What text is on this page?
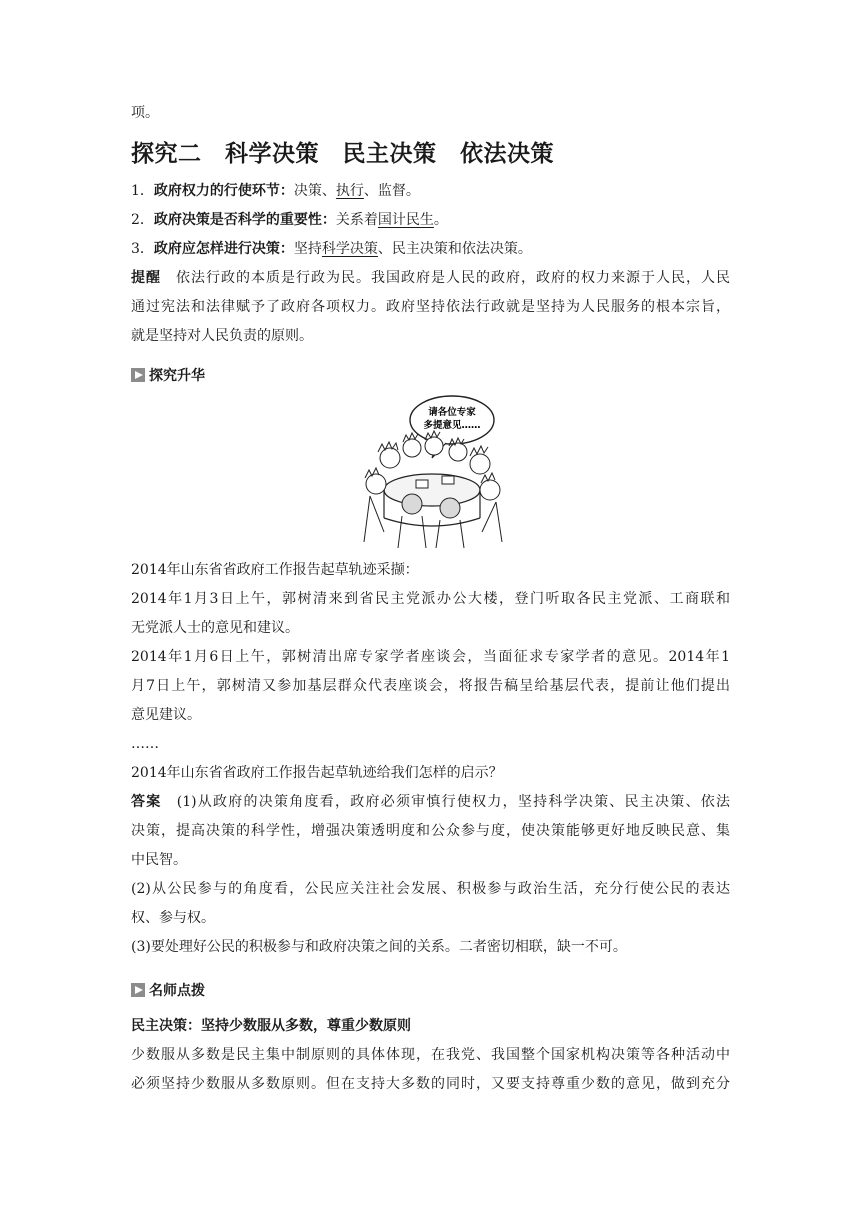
项。
探究二　科学决策　民主决策　依法决策
1．政府权力的行使环节：决策、执行、监督。
2．政府决策是否科学的重要性：关系着国计民生。
3．政府应怎样进行决策：坚持科学决策、民主决策和依法决策。
提醒　 依法行政的本质是行政为民。我国政府是人民的政府，政府的权力来源于人民，人民
通过宪法和法律赋予了政府各项权力。政府坚持依法行政就是坚持为人民服务的根本宗旨，
就是坚持对人民负责的原则。
探究升华
请各位专家
多提意见……
2014年山东省省政府工作报告起草轨迹采撷：
2014年1月3日上午，郭树清来到省民主党派办公大楼，登门听取各民主党派、工商联和
无党派人士的意见和建议。
2014年1月6日上午，郭树清出席专家学者座谈会，当面征求专家学者的意见。2014年1
月7日上午，郭树清又参加基层群众代表座谈会，将报告稿呈给基层代表，提前让他们提出
意见建议。
……
2014年山东省省政府工作报告起草轨迹给我们怎样的启示？
答案　 (1)从政府的决策角度看，政府必须审慎行使权力，坚持科学决策、民主决策、依法
决策，提高决策的科学性，增强决策透明度和公众参与度，使决策能够更好地反映民意、集
中民智。
(2)从公民参与的角度看，公民应关注社会发展、积极参与政治生活，充分行使公民的表达
权、参与权。
(3)要处理好公民的积极参与和政府决策之间的关系。二者密切相联，缺一不可。
名师点拨
民主决策：坚持少数服从多数，尊重少数原则
少数服从多数是民主集中制原则的具体体现，在我党、我国整个国家机构决策等各种活动中
必须坚持少数服从多数原则。但在支持大多数的同时，又要支持尊重少数的意见，做到充分
